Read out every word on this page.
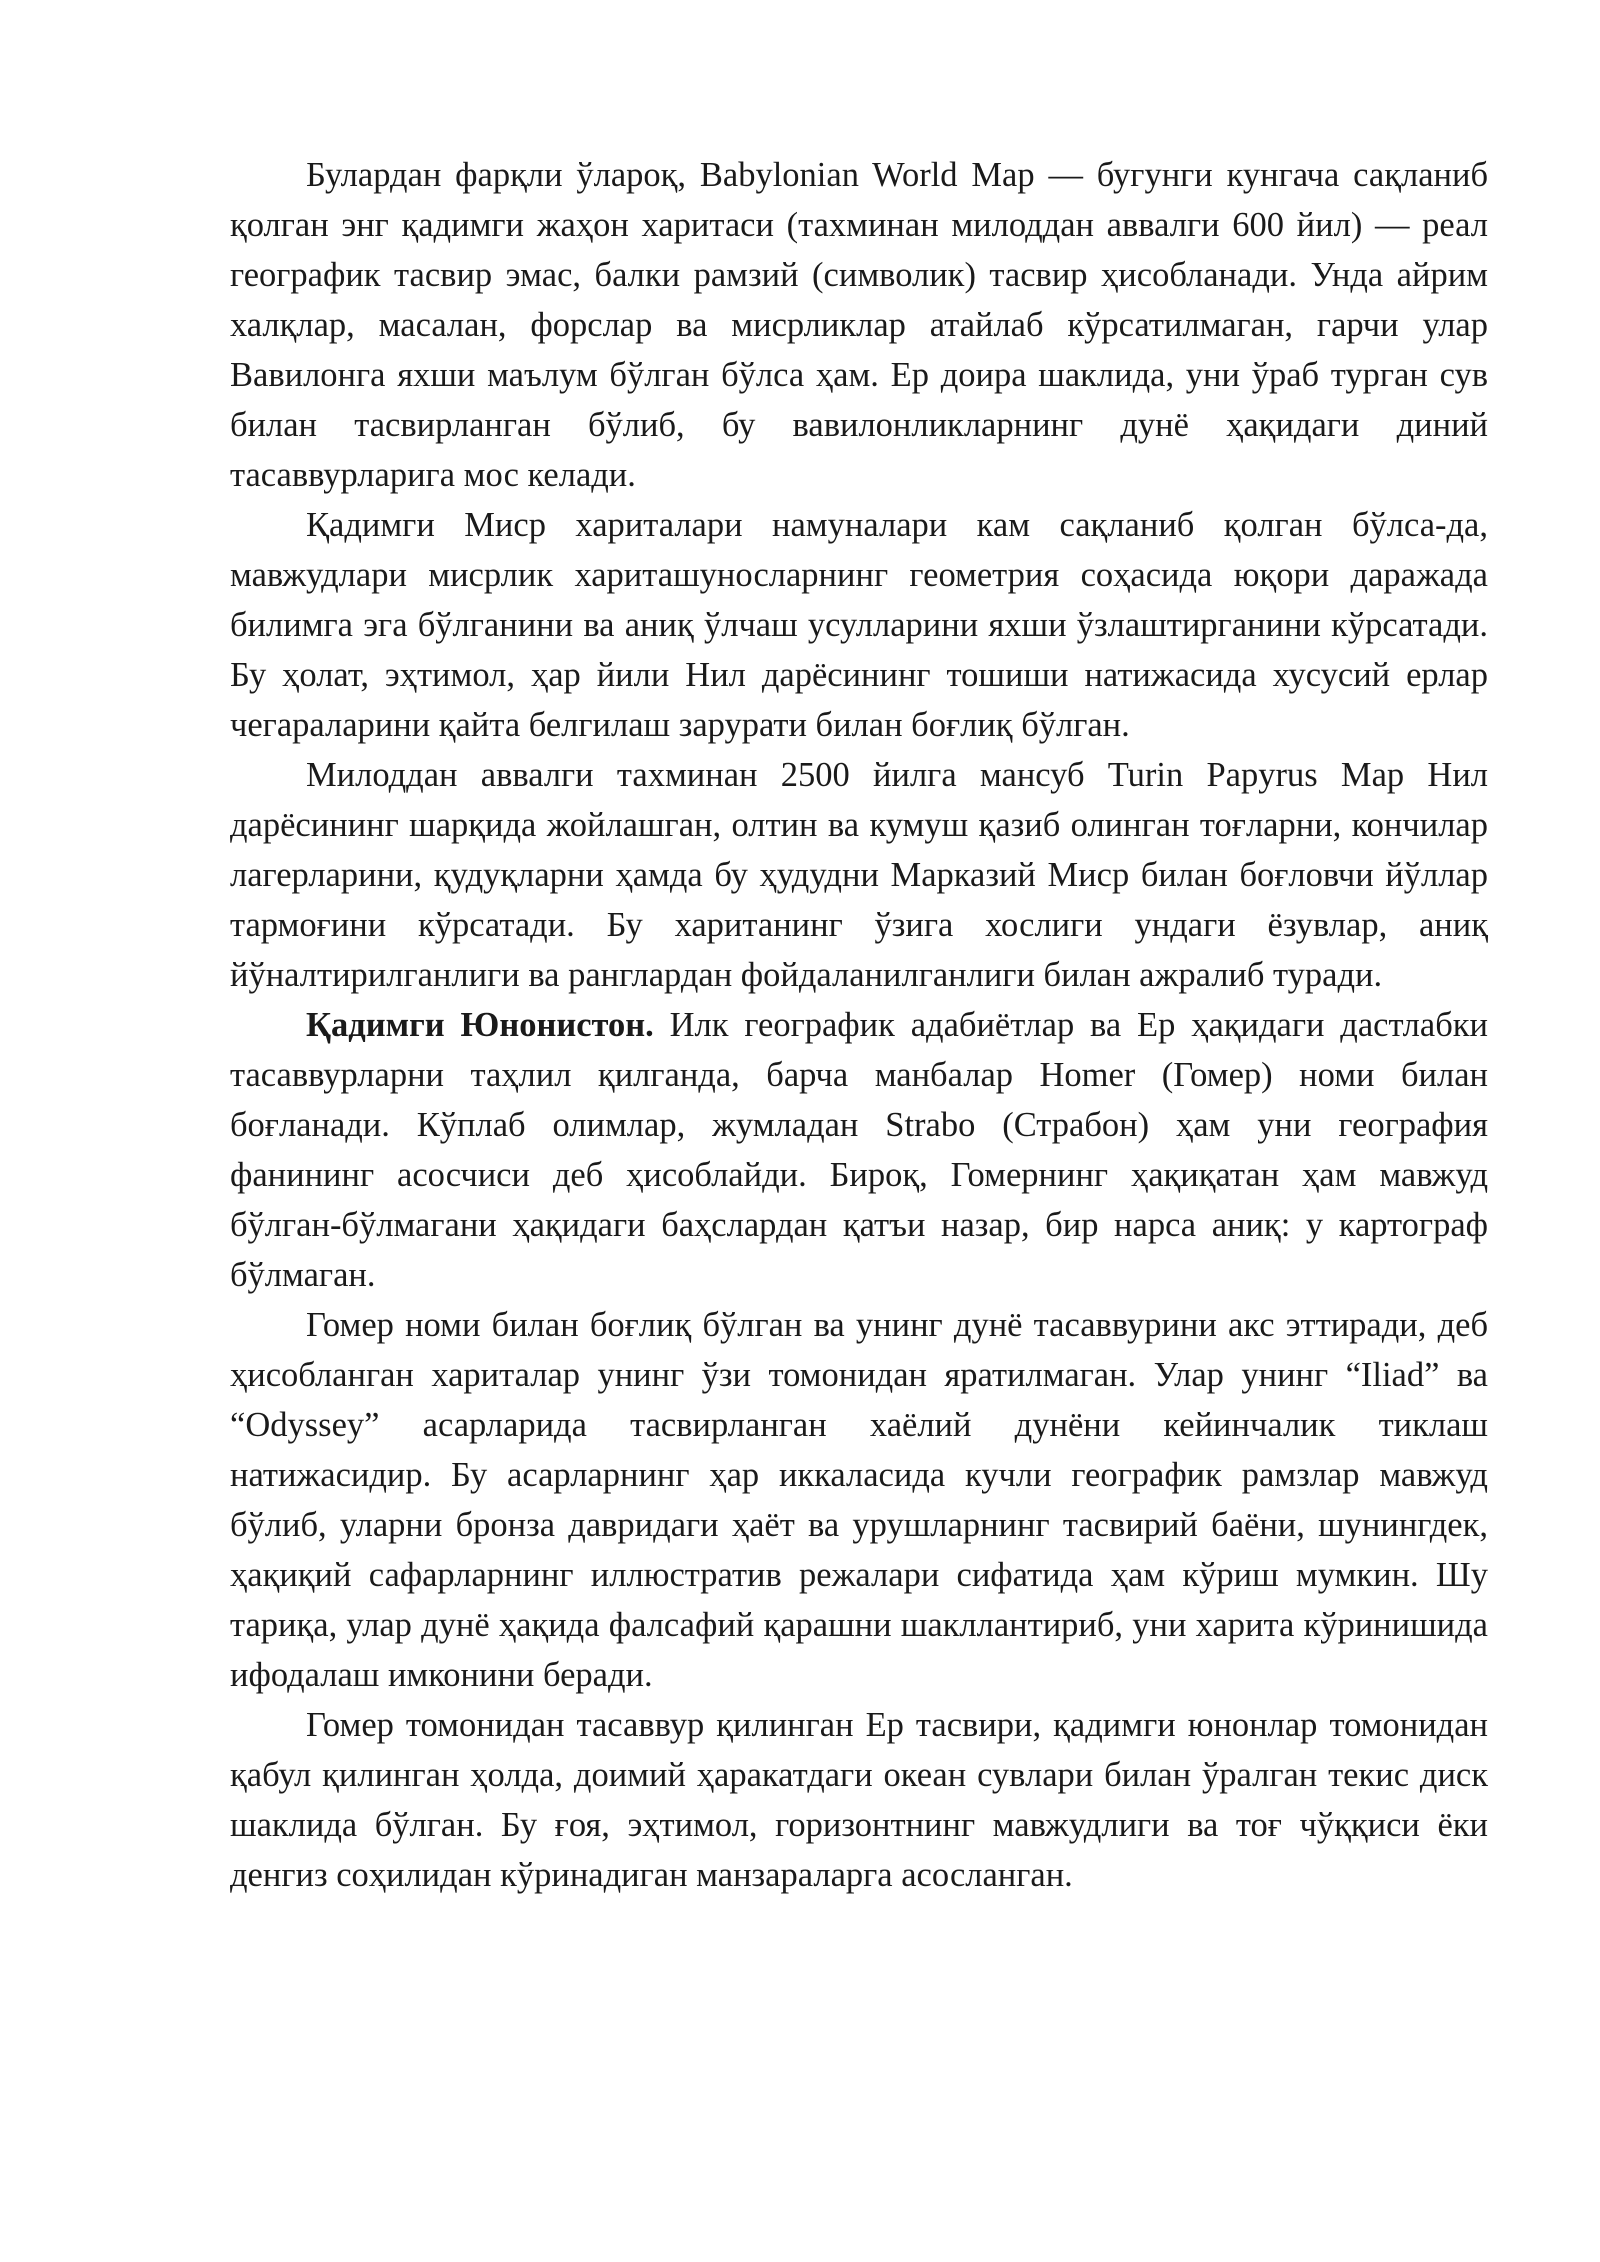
Булардан фарқли ўлароқ, Babylonian World Map — бугунги кунгача сақланиб қолган энг қадимги жаҳон харитаси (тахминан милоддан аввалги 600 йил) — реал географик тасвир эмас, балки рамзий (символик) тасвир ҳисобланади. Унда айрим халқлар, масалан, форслар ва мисрликлар атайлаб кўрсатилмаган, гарчи улар Вавилонга яхши маълум бўлган бўлса ҳам. Ер доира шаклида, уни ўраб турган сув билан тасвирланган бўлиб, бу вавилонликларнинг дунё ҳақидаги диний тасаввурларига мос келади.

Қадимги Миср хариталари намуналари кам сақланиб қолган бўлса-да, мавжудлари мисрлик хариташуносларнинг геометрия соҳасида юқори даражада билимга эга бўлганини ва аниқ ўлчаш усулларини яхши ўзлаштирганини кўрсатади. Бу ҳолат, эҳтимол, ҳар йили Нил дарёсининг тошиши натижасида хусусий ерлар чегараларини қайта белгилаш зарурати билан боғлиқ бўлган.

Милоддан аввалги тахминан 2500 йилга мансуб Turin Papyrus Map Нил дарёсининг шарқида жойлашган, олтин ва кумуш қазиб олинган тоғларни, кончилар лагерларини, қудуқларни ҳамда бу ҳудудни Марказий Миср билан боғловчи йўллар тармоғини кўрсатади. Бу хаританинг ўзига хослиги ундаги ёзувлар, аниқ йўналтирилганлиги ва ранглардан фойдаланилганлиги билан ажралиб туради.

Қадимги Юнонистон. Илк географик адабиётлар ва Ер ҳақидаги дастлабки тасаввурларни таҳлил қилганда, барча манбалар Homer (Гомер) номи билан боғланади. Кўплаб олимлар, жумладан Strabo (Страбон) ҳам уни география фанининг асосчиси деб ҳисоблайди. Бироқ, Гомернинг ҳақиқатан ҳам мавжуд бўлган-бўлмагани ҳақидаги баҳслардан қатъи назар, бир нарса аниқ: у картограф бўлмаган.

Гомер номи билан боғлиқ бўлган ва унинг дунё тасаввурини акс эттиради, деб ҳисобланган хариталар унинг ўзи томонидан яратилмаган. Улар унинг “Iliad” ва “Odyssey” асарларида тасвирланган хаёлий дунёни кейинчалик тиклаш натижасидир. Бу асарларнинг ҳар иккаласида кучли географик рамзлар мавжуд бўлиб, уларни бронза давридаги ҳаёт ва урушларнинг тасвирий баёни, шунингдек, ҳақиқий сафарларнинг иллюстратив режалари сифатида ҳам кўриш мумкин. Шу тариқа, улар дунё ҳақида фалсафий қарашни шакллантириб, уни харита кўринишида ифодалаш имконини беради.

Гомер томонидан тасаввур қилинган Ер тасвири, қадимги юнонлар томонидан қабул қилинган ҳолда, доимий ҳаракатдаги океан сувлари билан ўралган текис диск шаклида бўлган. Бу ғоя, эҳтимол, горизонтнинг мавжудлиги ва тоғ чўққиси ёки денгиз соҳилидан кўринадиган манзараларга асосланган.
